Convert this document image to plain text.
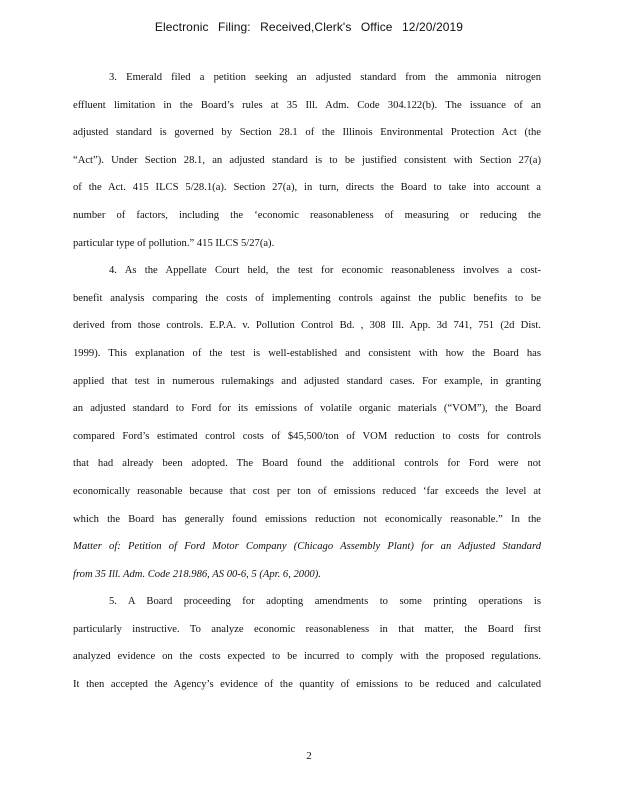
Electronic Filing: Received,Clerk's Office 12/20/2019
3. Emerald filed a petition seeking an adjusted standard from the ammonia nitrogen
effluent limitation in the Board’s rules at 35 Ill. Adm. Code 304.122(b). The issuance of an
adjusted standard is governed by Section 28.1 of the Illinois Environmental Protection Act (the
“Act”). Under Section 28.1, an adjusted standard is to be justified consistent with Section 27(a)
of the Act. 415 ILCS 5/28.1(a). Section 27(a), in turn, directs the Board to take into account a
number of factors, including the ‘economic reasonableness of measuring or reducing the
particular type of pollution.” 415 ILCS 5/27(a).
4. As the Appellate Court held, the test for economic reasonableness involves a cost-
benefit analysis comparing the costs of implementing controls against the public benefits to be
derived from those controls. E.P.A. v. Pollution Control Bd. , 308 Ill. App. 3d 741, 751 (2d Dist.
1999). This explanation of the test is well-established and consistent with how the Board has
applied that test in numerous rulemakings and adjusted standard cases. For example, in granting
an adjusted standard to Ford for its emissions of volatile organic materials (“VOM”), the Board
compared Ford’s estimated control costs of $45,500/ton of VOM reduction to costs for controls
that had already been adopted. The Board found the additional controls for Ford were not
economically reasonable because that cost per ton of emissions reduced ‘far exceeds the level at
which the Board has generally found emissions reduction not economically reasonable.” In the
Matter of: Petition of Ford Motor Company (Chicago Assembly Plant) for an Adjusted Standard
from 35 Ill. Adm. Code 218.986, AS 00-6, 5 (Apr. 6, 2000).
5. A Board proceeding for adopting amendments to some printing operations is
particularly instructive. To analyze economic reasonableness in that matter, the Board first
analyzed evidence on the costs expected to be incurred to comply with the proposed regulations.
It then accepted the Agency’s evidence of the quantity of emissions to be reduced and calculated
2
